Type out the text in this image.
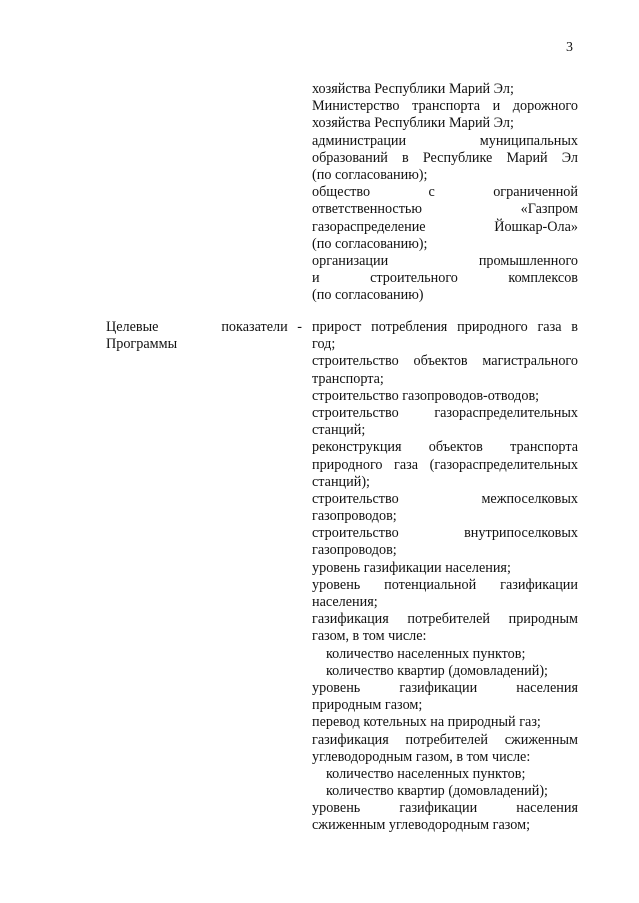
3
хозяйства Республики Марий Эл;
Министерство транспорта и дорожного
хозяйства Республики Марий Эл;
администрации муниципальных
образований в Республике Марий Эл
(по согласованию);
общество с ограниченной
ответственностью «Газпром
газораспределение Йошкар-Ола»
(по согласованию);
организации промышленного
и строительного комплексов
(по согласованию)
Целевые	показатели -
Программы
прирост потребления природного газа в
год;
строительство объектов магистрального
транспорта;
строительство газопроводов-отводов;
строительство газораспределительных
станций;
реконструкция объектов транспорта
природного газа (газораспределительных
станций);
строительство межпоселковых
газопроводов;
строительство внутрипоселковых
газопроводов;
уровень газификации населения;
уровень потенциальной газификации
населения;
газификация потребителей природным
газом, в том числе:
количество населенных пунктов;
количество квартир (домовладений);
уровень газификации населения
природным газом;
перевод котельных на природный газ;
газификация потребителей сжиженным
углеводородным газом, в том числе:
количество населенных пунктов;
количество квартир (домовладений);
уровень газификации населения
сжиженным углеводородным газом;
